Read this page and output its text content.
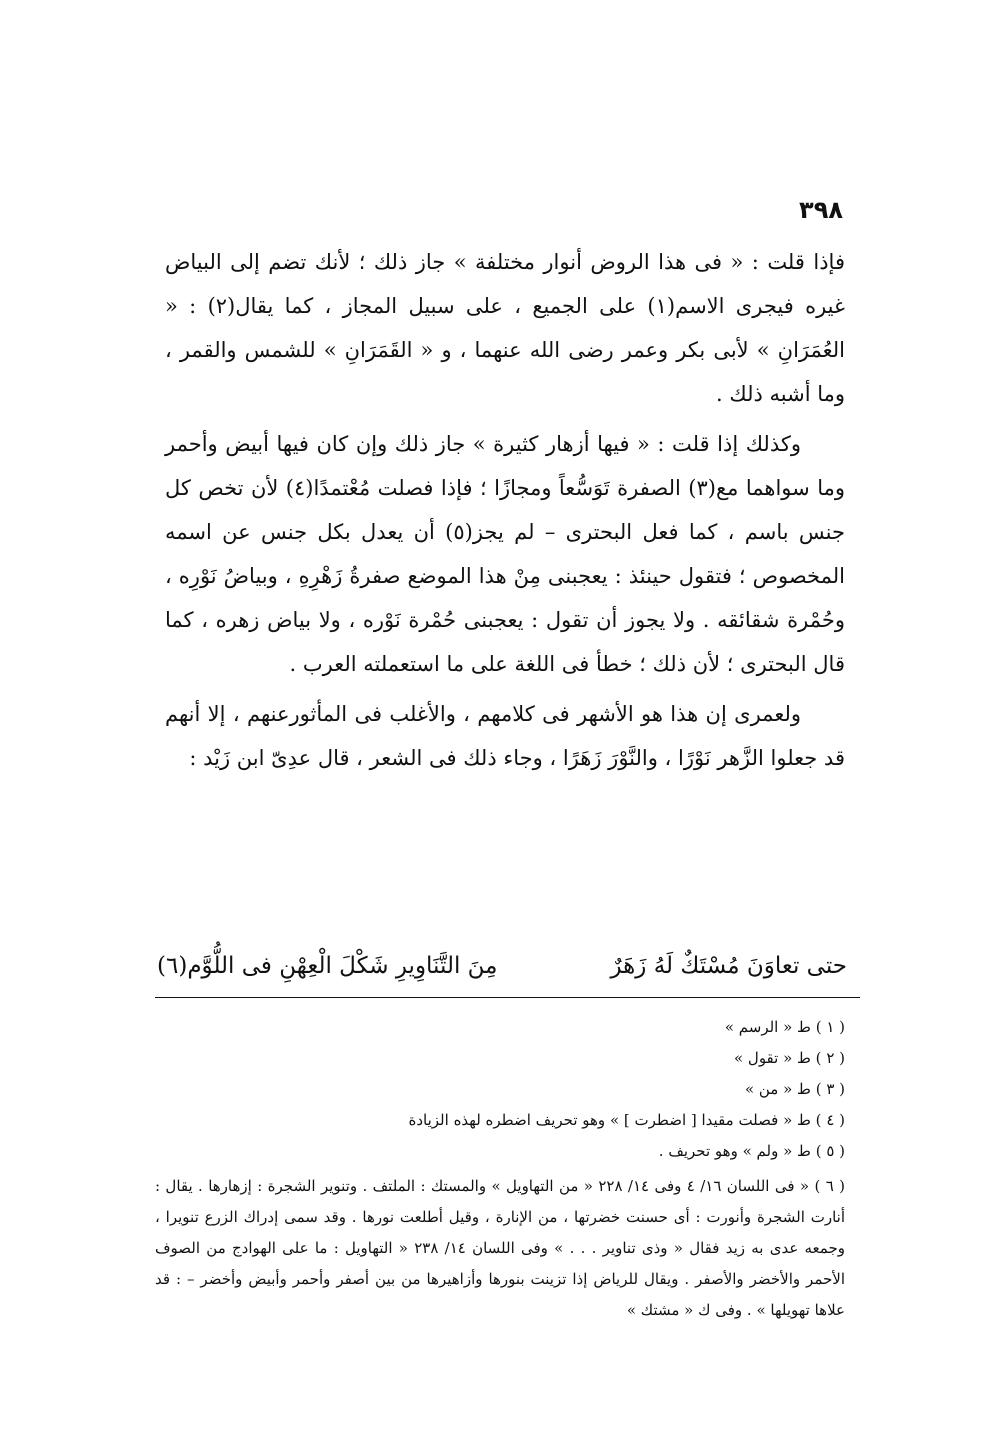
٣٩٨

فإذا قلت : « فى هذا الروض أنوار مختلفة » جاز ذلك ؛ لأنك تضم إلى البياض غيره فيجرى الاسم(١) على الجميع ، على سبيل المجاز ، كما يقال(٢) : « العُمَرَانِ » لأبى بكر وعمر رضى الله عنهما ، و « القَمَرَانِ » للشمس والقمر ، وما أشبه ذلك .

وكذلك إذا قلت : « فيها أزهار كثيرة » جاز ذلك وإن كان فيها أبيض وأحمر وما سواهما مع(٣) الصفرة تَوَسُّعاً ومجازًا ؛ فإذا فصلت مُعْتمدًا(٤) لأن تخص كل جنس باسم ، كما فعل البحترى – لم يجز(٥) أن يعدل بكل جنس عن اسمه المخصوص ؛ فتقول حينئذ : يعجبنى مِنْ هذا الموضع صفرةُ زَهْرِهِ ، وبياضُ نَوْرِه ، وحُمْرة شقائقه . ولا يجوز أن تقول : يعجبنى حُمْرة نَوْره ، ولا بياض زهره ، كما قال البحترى ؛ لأن ذلك ؛ خطأ فى اللغة على ما استعملته العرب .

ولعمرى إن هذا هو الأشهر فى كلامهم ، والأغلب فى المأثورعنهم ، إلا أنهم قد جعلوا الزَّهر نَوْرًا ، والنَّوْرَ زَهَرًا ، وجاء ذلك فى الشعر ، قال عدِىّ ابن زَيْد :

حتى تعاوَنَ مُسْتَكٌ لَهُ زَهَرٌ
مِنَ التَّنَاوِيرِ شَكْلَ الْعِهْنِ فى اللُّوَّم(٦)

( ١ ) ط « الرسم »

( ٢ ) ط « تقول »

( ٣ ) ط « من »

( ٤ ) ط « فصلت مقيدا [ اضطرت ] » وهو تحريف اضطره لهذه الزيادة

( ٥ ) ط « ولم » وهو تحريف .

( ٦ ) « فى اللسان ١٦/ ٤ وفى ١٤/ ٢٢٨ « من التهاويل » والمستك : الملتف . وتنوير الشجرة : إزهارها . يقال : أنارت الشجرة وأنورت : أى حسنت خضرتها ، من الإنارة ، وقيل أطلعت نورها . وقد سمى إدراك الزرع تنويرا ، وجمعه عدى به زيد فقال « وذى تناوير . . . » وفى اللسان ١٤/ ٢٣٨ « التهاويل : ما على الهوادج من الصوف الأحمر والأخضر والأصفر . ويقال للرياض إذا تزينت بنورها وأزاهيرها من بين أصفر وأحمر وأبيض وأخضر – : قد علاها تهويلها » . وفى ك « مشتك »
